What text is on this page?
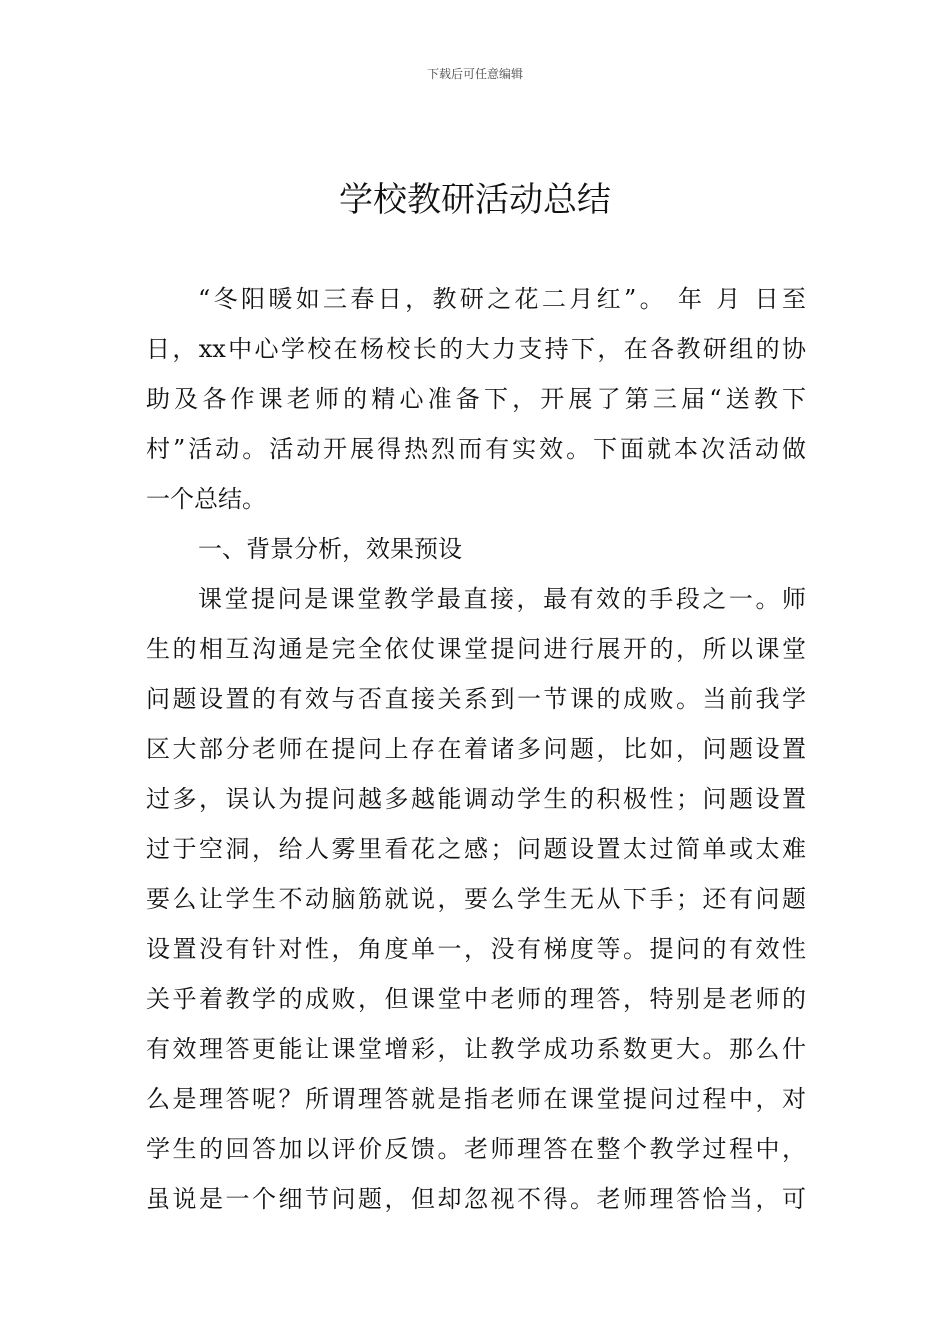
下载后可任意编辑
学校教研活动总结
“冬阳暖如三春日，教研之花二月红”。 年 月 日至
日，xx中心学校在杨校长的大力支持下，在各教研组的协
助及各作课老师的精心准备下，开展了第三届“送教下
村”活动。活动开展得热烈而有实效。下面就本次活动做
一个总结。
一、背景分析，效果预设
课堂提问是课堂教学最直接，最有效的手段之一。师
生的相互沟通是完全依仗课堂提问进行展开的，所以课堂
问题设置的有效与否直接关系到一节课的成败。当前我学
区大部分老师在提问上存在着诸多问题，比如，问题设置
过多，误认为提问越多越能调动学生的积极性；问题设置
过于空洞，给人雾里看花之感；问题设置太过简单或太难
要么让学生不动脑筋就说，要么学生无从下手；还有问题
设置没有针对性，角度单一，没有梯度等。提问的有效性
关乎着教学的成败，但课堂中老师的理答，特别是老师的
有效理答更能让课堂增彩，让教学成功系数更大。那么什
么是理答呢？所谓理答就是指老师在课堂提问过程中，对
学生的回答加以评价反馈。老师理答在整个教学过程中，
虽说是一个细节问题，但却忽视不得。老师理答恰当，可
